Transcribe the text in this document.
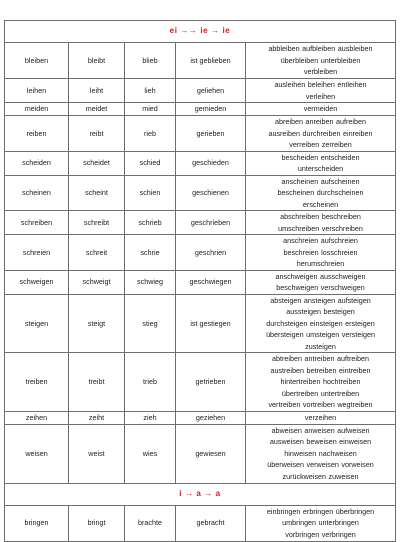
ei →→ ie → ie				
bleiben	bleibt	blieb	ist geblieben	abbleiben aufbleiben ausbleiben
überbleiben unterbleiben
verbleiben

leihen	leiht	lieh	geliehen	ausleihen beleihen entleihen
verleihen

meiden	meidet	mied	gemieden	vermeiden

reiben	reibt	rieb	gerieben	abreiben anreiben aufreiben
ausreiben durchreiben einreiben
verreiben zerreiben

scheiden	scheidet	schied	geschieden	bescheiden entscheiden
unterscheiden

scheinen	scheint	schien	geschienen	anscheinen aufscheinen
bescheinen durchscheinen
erscheinen

schreiben	schreibt	schrieb	geschrieben	abschreiben beschreiben
umschreiben verschreiben

schreien	schreit	schrie	geschrien	anschreien aufschreien
beschreien losschreien
herumschreien

schweigen	schweigt	schwieg	geschwiegen	anschweigen ausschweigen
beschweigen verschweigen

steigen	steigt	stieg	ist gestiegen	absteigen ansteigen aufsteigen
aussteigen besteigen
durchsteigen einsteigen ersteigen
übersteigen umsteigen versteigen
zusteigen

treiben	treibt	trieb	getrieben	abtreiben antreiben auftreiben
austreiben betreiben eintreiben
hintertreiben hochtreiben
übertreiben untertreiben
vertreiben vortreiben wegtreiben

zeihen	zeiht	zieh	geziehen	verzeihen

weisen	weist	wies	gewiesen	abweisen anweisen aufweisen
ausweisen beweisen einweisen
hinweisen nachweisen
überweisen verweisen vorweisen
zurückweisen zuweisen

i → a → a				
bringen	bringt	brachte	gebracht	einbringen erbringen überbringen
umbringen unterbringen
vorbringen verbringen
